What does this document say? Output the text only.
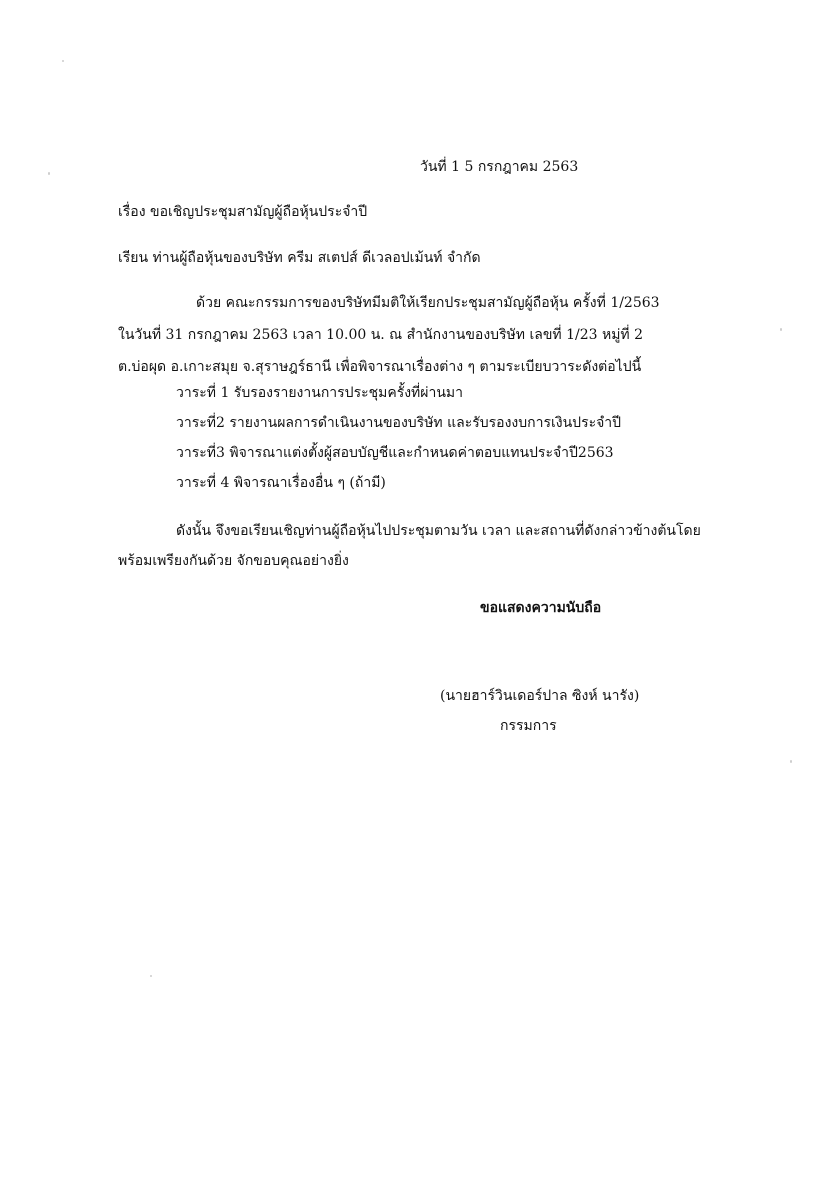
วันที่ 1 5 กรกฎาคม 2563
เรื่อง ขอเชิญประชุมสามัญผู้ถือหุ้นประจำปี
เรียน ท่านผู้ถือหุ้นของบริษัท ครีม สเตปส์ ดีเวลอปเม้นท์ จำกัด
ด้วย คณะกรรมการของบริษัทมีมติให้เรียกประชุมสามัญผู้ถือหุ้น ครั้งที่ 1/2563
ในวันที่ 31 กรกฎาคม 2563 เวลา 10.00 น. ณ สำนักงานของบริษัท เลขที่ 1/23 หมู่ที่ 2
ต.บ่อผุด อ.เกาะสมุย จ.สุราษฎร์ธานี เพื่อพิจารณาเรื่องต่าง ๆ ตามระเบียบวาระดังต่อไปนี้
วาระที่ 1 รับรองรายงานการประชุมครั้งที่ผ่านมา
วาระที่2 รายงานผลการดำเนินงานของบริษัท และรับรองงบการเงินประจำปี
วาระที่3 พิจารณาแต่งตั้งผู้สอบบัญชีและกำหนดค่าตอบแทนประจำปี2563
วาระที่ 4 พิจารณาเรื่องอื่น ๆ (ถ้ามี)
ดังนั้น จึงขอเรียนเชิญท่านผู้ถือหุ้นไปประชุมตามวัน เวลา และสถานที่ดังกล่าวข้างต้นโดย
พร้อมเพรียงกันด้วย จักขอบคุณอย่างยิ่ง
ขอแสดงความนับถือ
(นายฮาร์วินเดอร์ปาล ซิงห์ นารัง)
กรรมการ
